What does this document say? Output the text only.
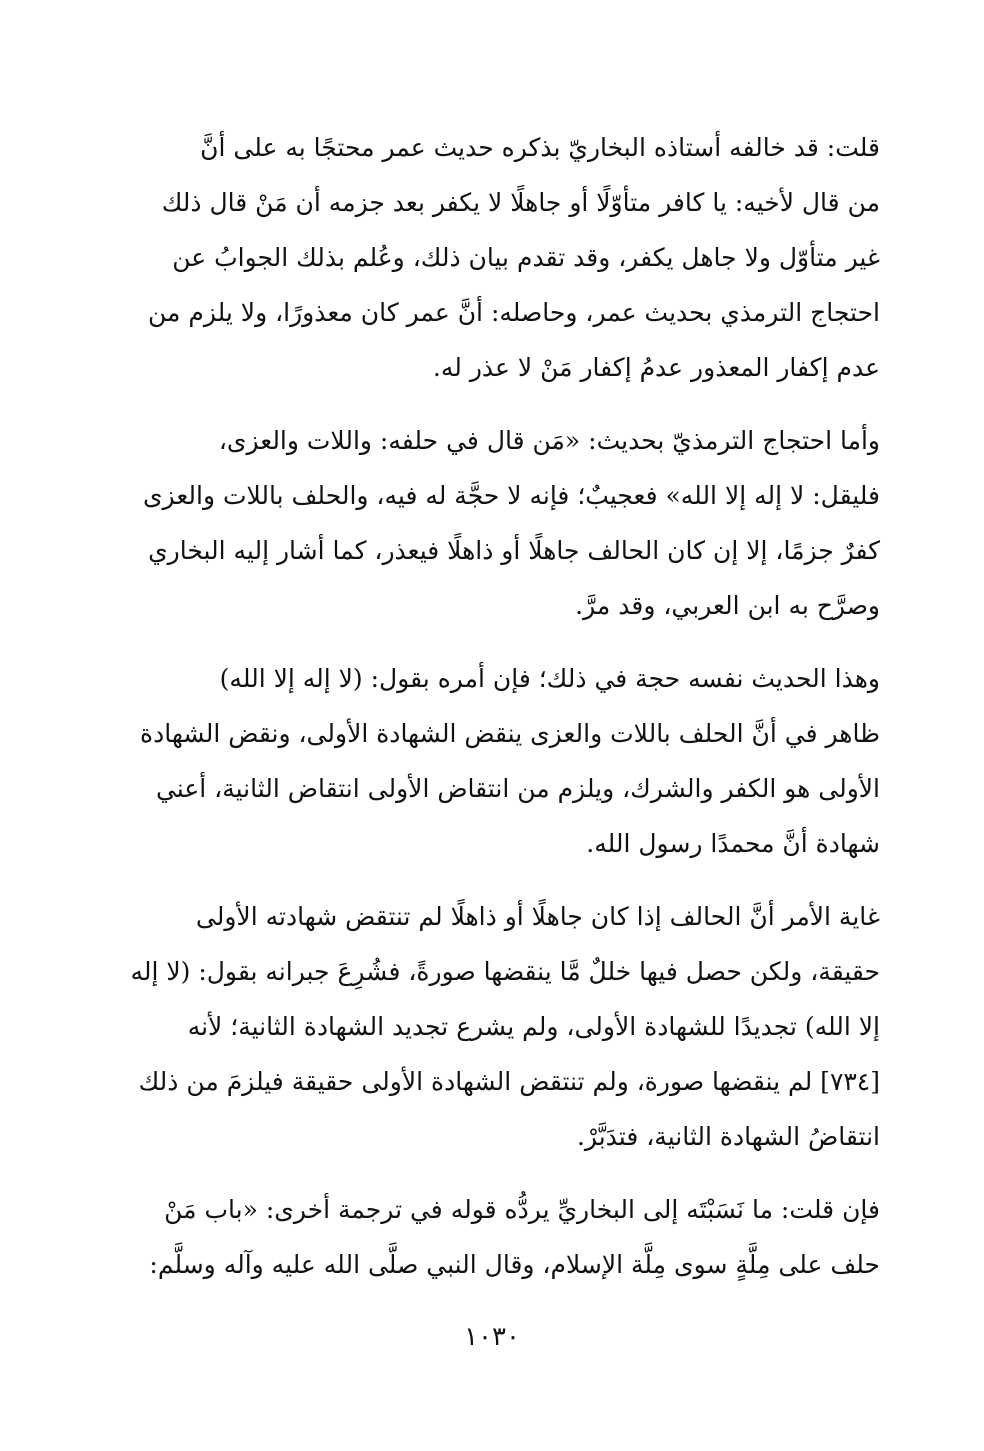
قلت: قد خالفه أستاذه البخاريّ بذكره حديث عمر محتجًا به على أنَّ
من قال لأخيه: يا كافر متأوّلًا أو جاهلًا لا يكفر بعد جزمه أن مَنْ قال ذلك
غير متأوّل ولا جاهل يكفر، وقد تقدم بيان ذلك، وعُلم بذلك الجوابُ عن
احتجاج الترمذي بحديث عمر، وحاصله: أنَّ عمر كان معذورًا، ولا يلزم من
عدم إكفار المعذور عدمُ إكفار مَنْ لا عذر له.

وأما احتجاج الترمذيّ بحديث: «مَن قال في حلفه: واللات والعزى،
فليقل: لا إله إلا الله» فعجيبٌ؛ فإنه لا حجَّة له فيه، والحلف باللات والعزى
كفرٌ جزمًا، إلا إن كان الحالف جاهلًا أو ذاهلًا فيعذر، كما أشار إليه البخاري
وصرَّح به ابن العربي، وقد مرَّ.

وهذا الحديث نفسه حجة في ذلك؛ فإن أمره بقول: (لا إله إلا الله)
ظاهر في أنَّ الحلف باللات والعزى ينقض الشهادة الأولى، ونقض الشهادة
الأولى هو الكفر والشرك، ويلزم من انتقاض الأولى انتقاض الثانية، أعني
شهادة أنَّ محمدًا رسول الله.

غاية الأمر أنَّ الحالف إذا كان جاهلًا أو ذاهلًا لم تنتقض شهادته الأولى
حقيقة، ولكن حصل فيها خللٌ مَّا ينقضها صورةً، فشُرِعَ جبرانه بقول: (لا إله
إلا الله) تجديدًا للشهادة الأولى، ولم يشرع تجديد الشهادة الثانية؛ لأنه
[٧٣٤] لم ينقضها صورة، ولم تنتقض الشهادة الأولى حقيقة فيلزمَ من ذلك
انتقاضُ الشهادة الثانية، فتدَبَّرْ.

فإن قلت: ما نَسَبْتَه إلى البخاريِّ يردُّه قوله في ترجمة أخرى: «باب مَنْ
حلف على مِلَّةٍ سوى مِلَّة الإسلام، وقال النبي صلَّى الله عليه وآله وسلَّم:

١٠٣٠
